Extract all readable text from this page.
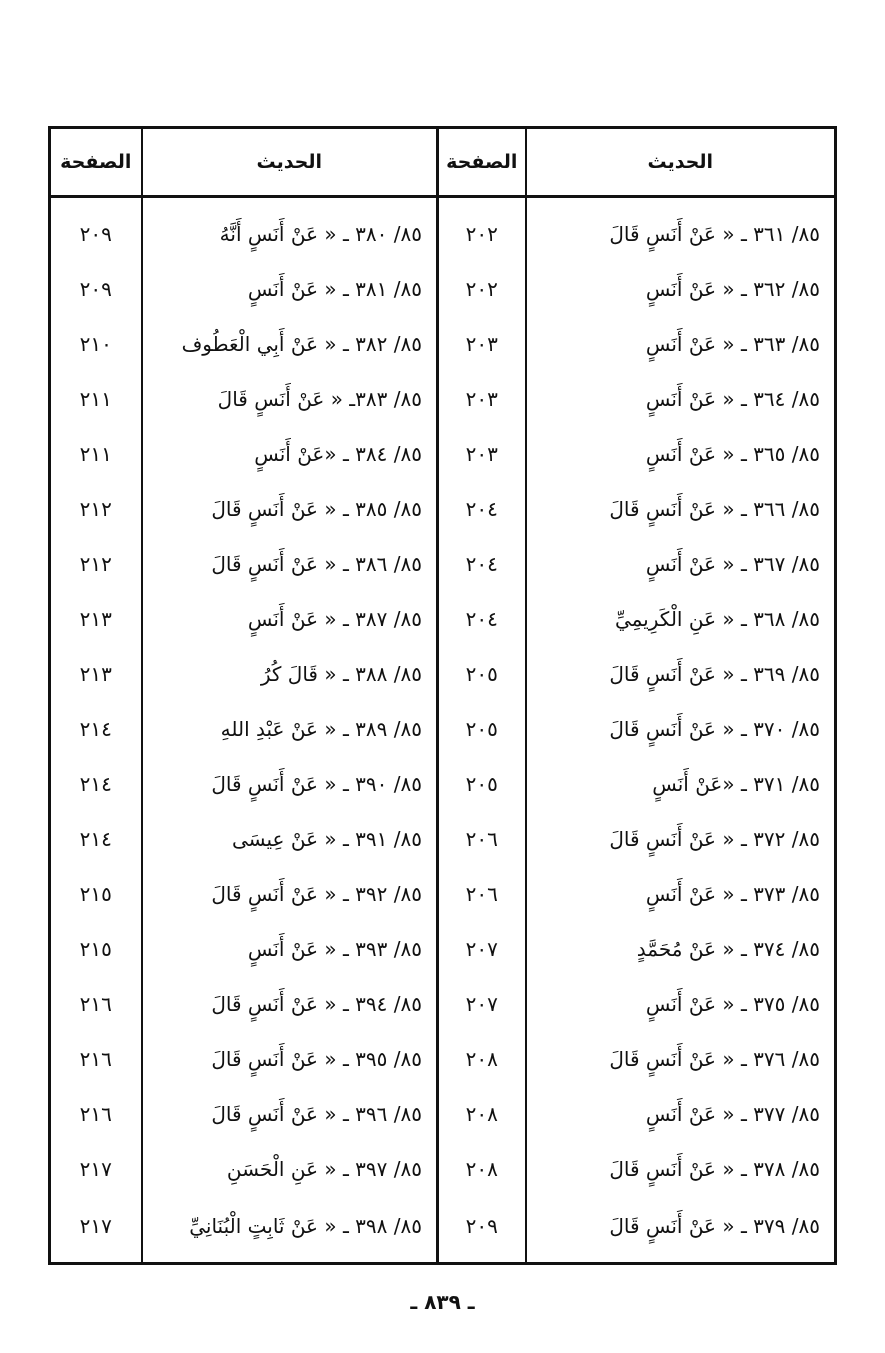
الصفحة	الحديث	الصفحة	الحديث
٢٠٩	٨٥/ ٣٨٠ ـ « عَنْ أَنَسٍ أَنَّهُ	٢٠٢	٨٥/ ٣٦١ ـ « عَنْ أَنَسٍ قَالَ
٢٠٩	٨٥/ ٣٨١ ـ « عَنْ أَنَسٍ	٢٠٢	٨٥/ ٣٦٢ ـ « عَنْ أَنَسٍ
٢١٠	٨٥/ ٣٨٢ ـ « عَنْ أَبِي الْعَطُوف	٢٠٣	٨٥/ ٣٦٣ ـ « عَنْ أَنَسٍ
٢١١	٨٥/ ٣٨٣ـ « عَنْ أَنَسٍ قَالَ	٢٠٣	٨٥/ ٣٦٤ ـ « عَنْ أَنَسٍ
٢١١	٨٥/ ٣٨٤ ـ «عَنْ أَنَسٍ	٢٠٣	٨٥/ ٣٦٥ ـ « عَنْ أَنَسٍ
٢١٢	٨٥/ ٣٨٥ ـ « عَنْ أَنَسٍ قَالَ	٢٠٤	٨٥/ ٣٦٦ ـ « عَنْ أَنَسٍ قَالَ
٢١٢	٨٥/ ٣٨٦ ـ « عَنْ أَنَسٍ قَالَ	٢٠٤	٨٥/ ٣٦٧ ـ « عَنْ أَنَسٍ
٢١٣	٨٥/ ٣٨٧ ـ « عَنْ أَنَسٍ	٢٠٤	٨٥/ ٣٦٨ ـ « عَنِ الْكَرِيمِيِّ
٢١٣	٨٥/ ٣٨٨ ـ « قَالَ كُرُ	٢٠٥	٨٥/ ٣٦٩ ـ « عَنْ أَنَسٍ قَالَ
٢١٤	٨٥/ ٣٨٩ ـ « عَنْ عَبْدِ اللهِ	٢٠٥	٨٥/ ٣٧٠ ـ « عَنْ أَنَسٍ قَالَ
٢١٤	٨٥/ ٣٩٠ ـ « عَنْ أَنَسٍ قَالَ	٢٠٥	٨٥/ ٣٧١ ـ «عَنْ أَنَسٍ
٢١٤	٨٥/ ٣٩١ ـ « عَنْ عِيسَى	٢٠٦	٨٥/ ٣٧٢ ـ « عَنْ أَنَسٍ قَالَ
٢١٥	٨٥/ ٣٩٢ ـ « عَنْ أَنَسٍ قَالَ	٢٠٦	٨٥/ ٣٧٣ ـ « عَنْ أَنَسٍ
٢١٥	٨٥/ ٣٩٣ ـ « عَنْ أَنَسٍ	٢٠٧	٨٥/ ٣٧٤ ـ « عَنْ مُحَمَّدٍ
٢١٦	٨٥/ ٣٩٤ ـ « عَنْ أَنَسٍ قَالَ	٢٠٧	٨٥/ ٣٧٥ ـ « عَنْ أَنَسٍ
٢١٦	٨٥/ ٣٩٥ ـ « عَنْ أَنَسٍ قَالَ	٢٠٨	٨٥/ ٣٧٦ ـ « عَنْ أَنَسٍ قَالَ
٢١٦	٨٥/ ٣٩٦ ـ « عَنْ أَنَسٍ قَالَ	٢٠٨	٨٥/ ٣٧٧ ـ « عَنْ أَنَسٍ
٢١٧	٨٥/ ٣٩٧ ـ « عَنِ الْحَسَنِ	٢٠٨	٨٥/ ٣٧٨ ـ « عَنْ أَنَسٍ قَالَ
٢١٧	٨٥/ ٣٩٨ ـ « عَنْ ثَابِتٍ الْبُنَانِيِّ	٢٠٩	٨٥/ ٣٧٩ ـ « عَنْ أَنَسٍ قَالَ
ـ ٨٣٩ ـ
